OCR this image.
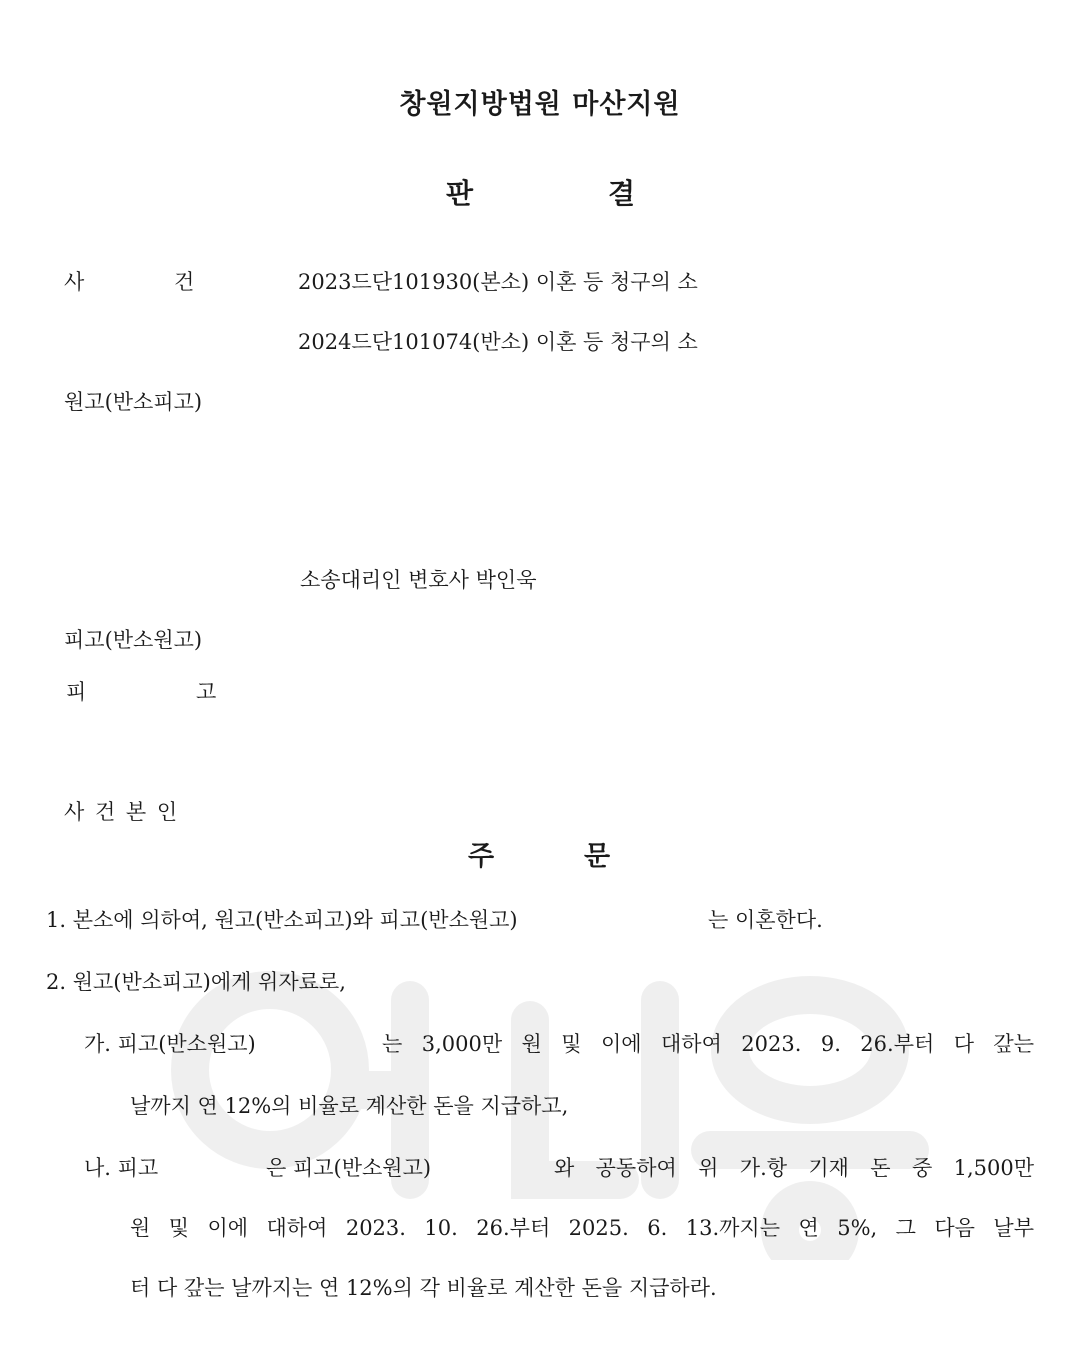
창원지방법원 마산지원
판	결
사	건	2023드단101930(본소) 이혼 등 청구의 소
2024드단101074(반소) 이혼 등 청구의 소
원고(반소피고)
소송대리인 변호사 박인욱
피고(반소원고)
피	고
사 건 본 인
주	문
1. 본소에 의하여, 원고(반소피고)와 피고(반소원고)	는 이혼한다.
2. 원고(반소피고)에게 위자료로,
가. 피고(반소원고)	는 3,000만 원 및 이에 대하여 2023. 9. 26.부터 다 갚는
날까지 연 12%의 비율로 계산한 돈을 지급하고,
나. 피고	은 피고(반소원고)	와 공동하여 위 가.항 기재 돈 중 1,500만
원 및 이에 대하여 2023. 10. 26.부터 2025. 6. 13.까지는 연 5%, 그 다음 날부
터 다 갚는 날까지는 연 12%의 각 비율로 계산한 돈을 지급하라.
